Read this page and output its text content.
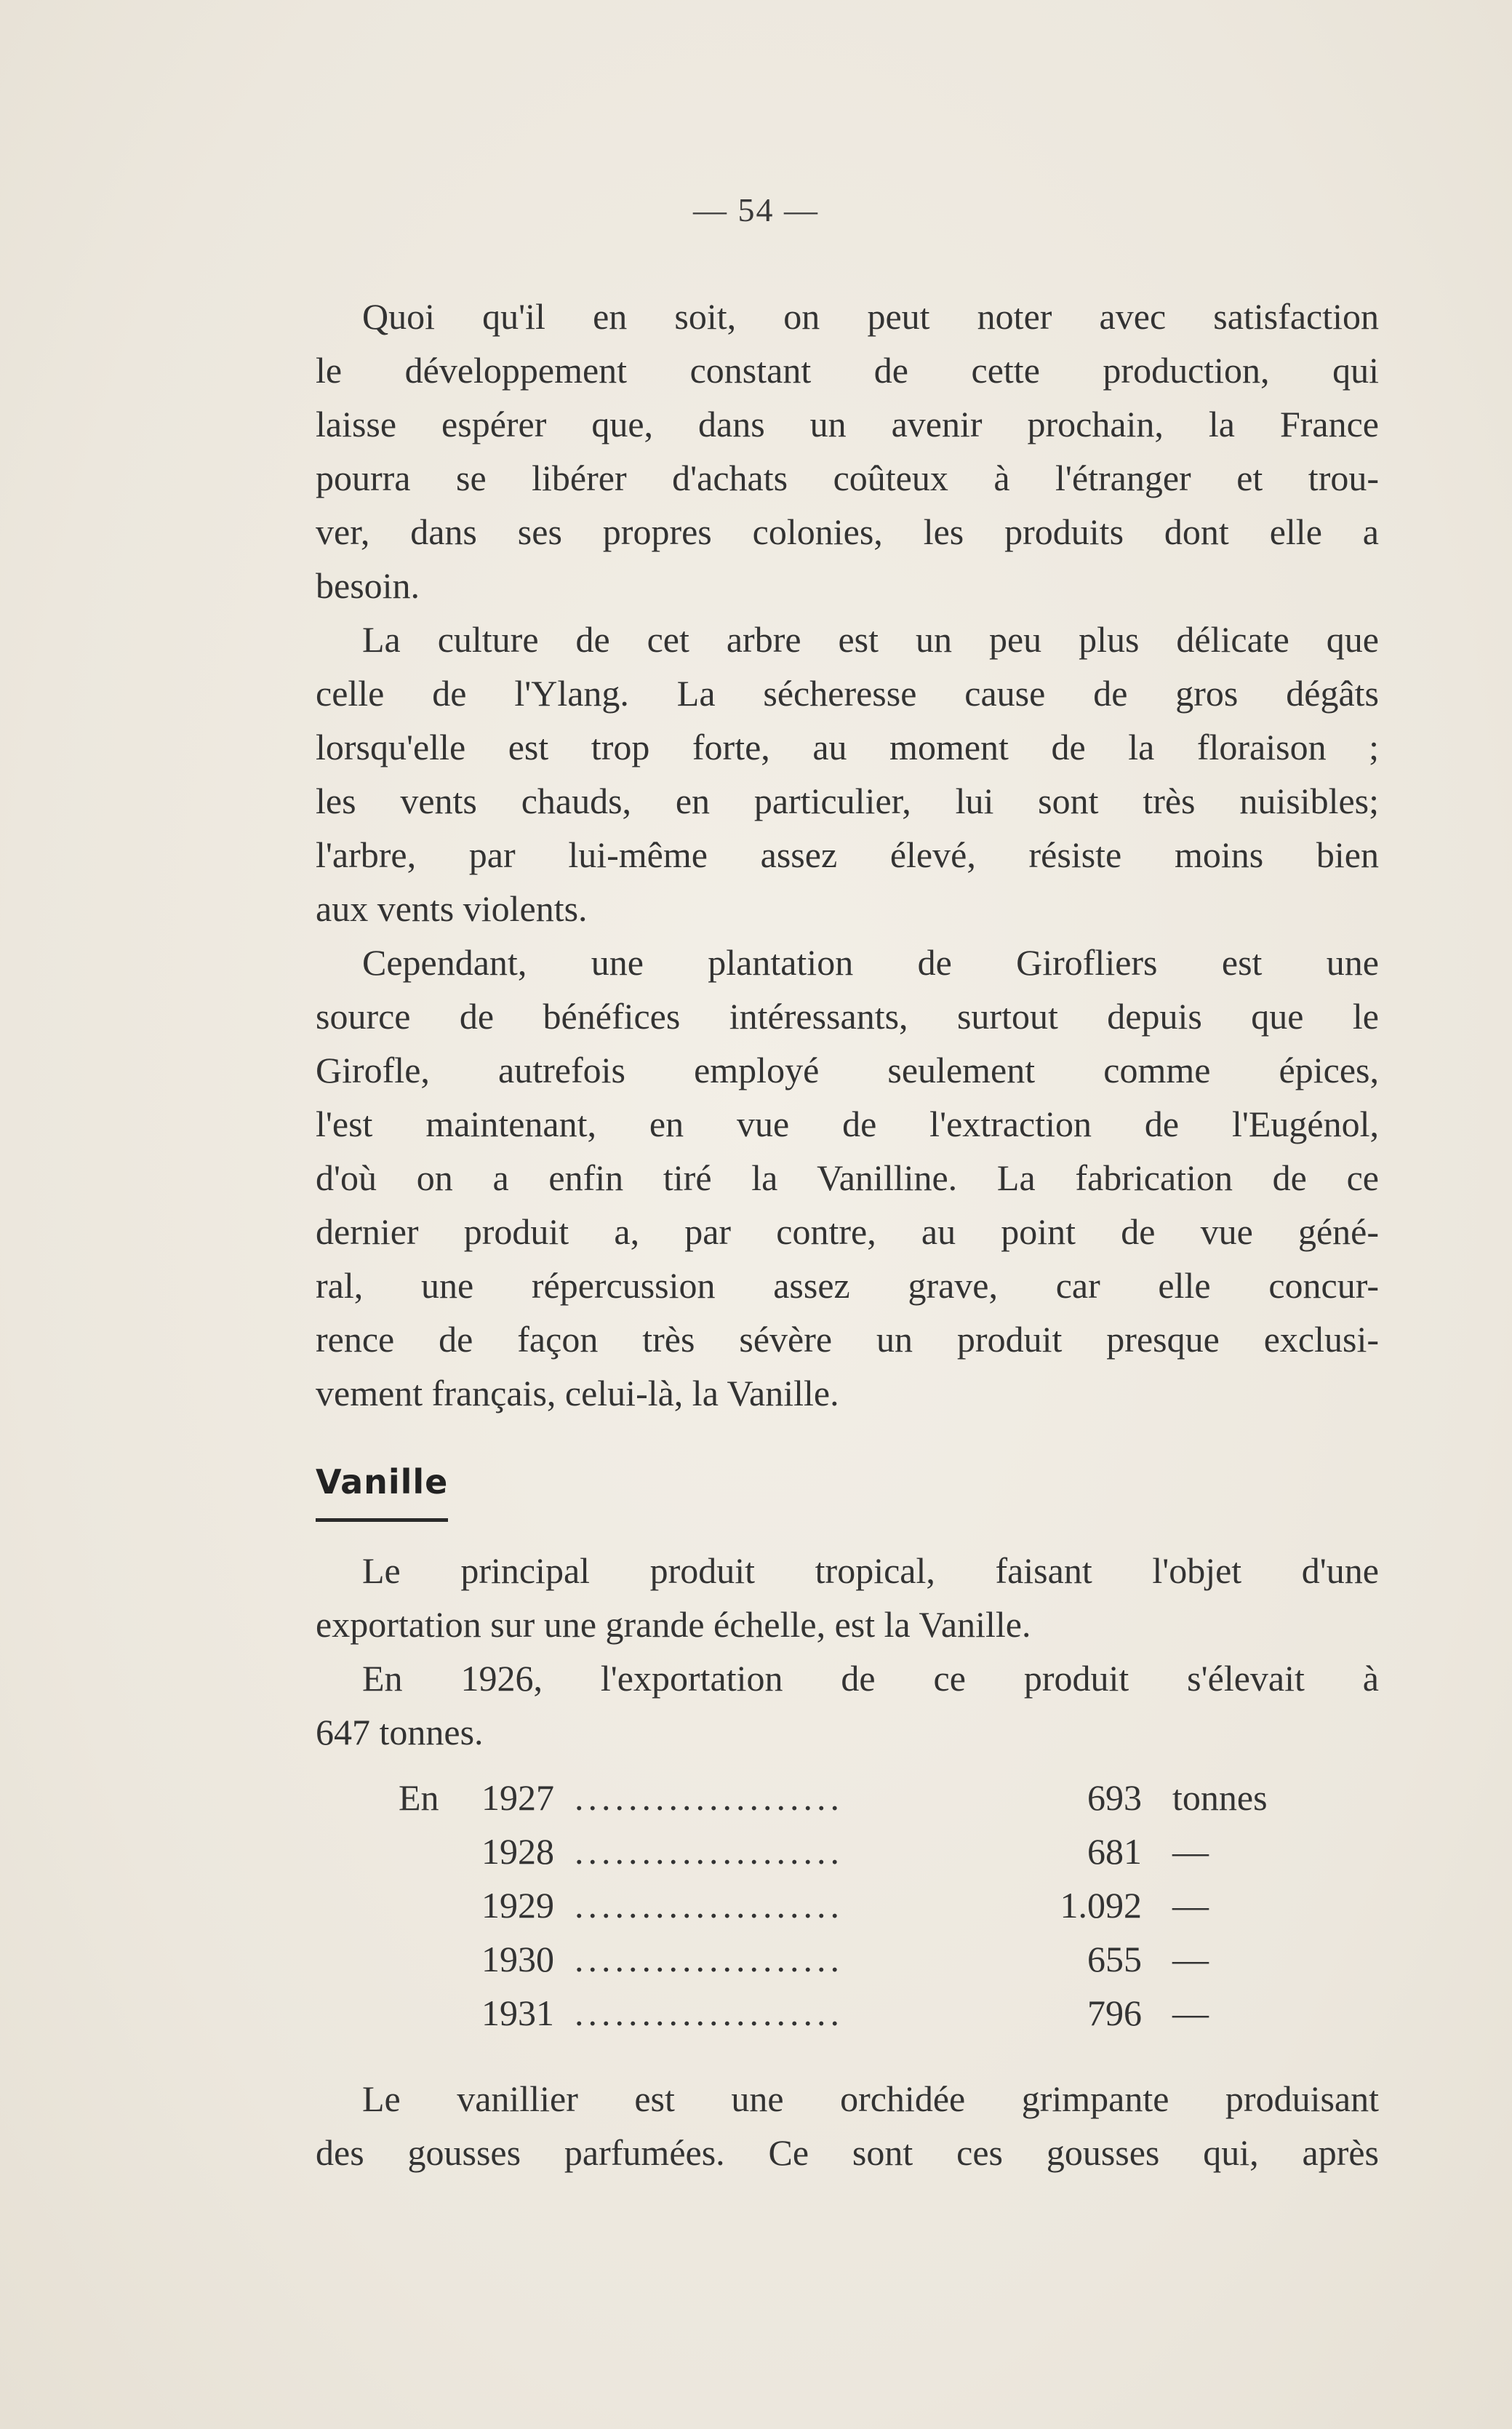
— 54 —
Quoi qu'il en soit, on peut noter avec satisfaction
le développement constant de cette production, qui
laisse espérer que, dans un avenir prochain, la France
pourra se libérer d'achats coûteux à l'étranger et trou-
ver, dans ses propres colonies, les produits dont elle a
besoin.
La culture de cet arbre est un peu plus délicate que
celle de l'Ylang. La sécheresse cause de gros dégâts
lorsqu'elle est trop forte, au moment de la floraison ;
les vents chauds, en particulier, lui sont très nuisibles;
l'arbre, par lui-même assez élevé, résiste moins bien
aux vents violents.
Cependant, une plantation de Girofliers est une
source de bénéfices intéressants, surtout depuis que le
Girofle, autrefois employé seulement comme épices,
l'est maintenant, en vue de l'extraction de l'Eugénol,
d'où on a enfin tiré la Vanilline. La fabrication de ce
dernier produit a, par contre, au point de vue géné-
ral, une répercussion assez grave, car elle concur-
rence de façon très sévère un produit presque exclusi-
vement français, celui-là, la Vanille.
Vanille
Le principal produit tropical, faisant l'objet d'une
exportation sur une grande échelle, est la Vanille.
En 1926, l'exportation de ce produit s'élevait à
647 tonnes.
En	1927 ....................	693 tonnes
1928 ....................	681 —
1929 ....................	1.092 —
1930 ....................	655 —
1931 ....................	796 —
Le vanillier est une orchidée grimpante produisant
des gousses parfumées. Ce sont ces gousses qui, après
